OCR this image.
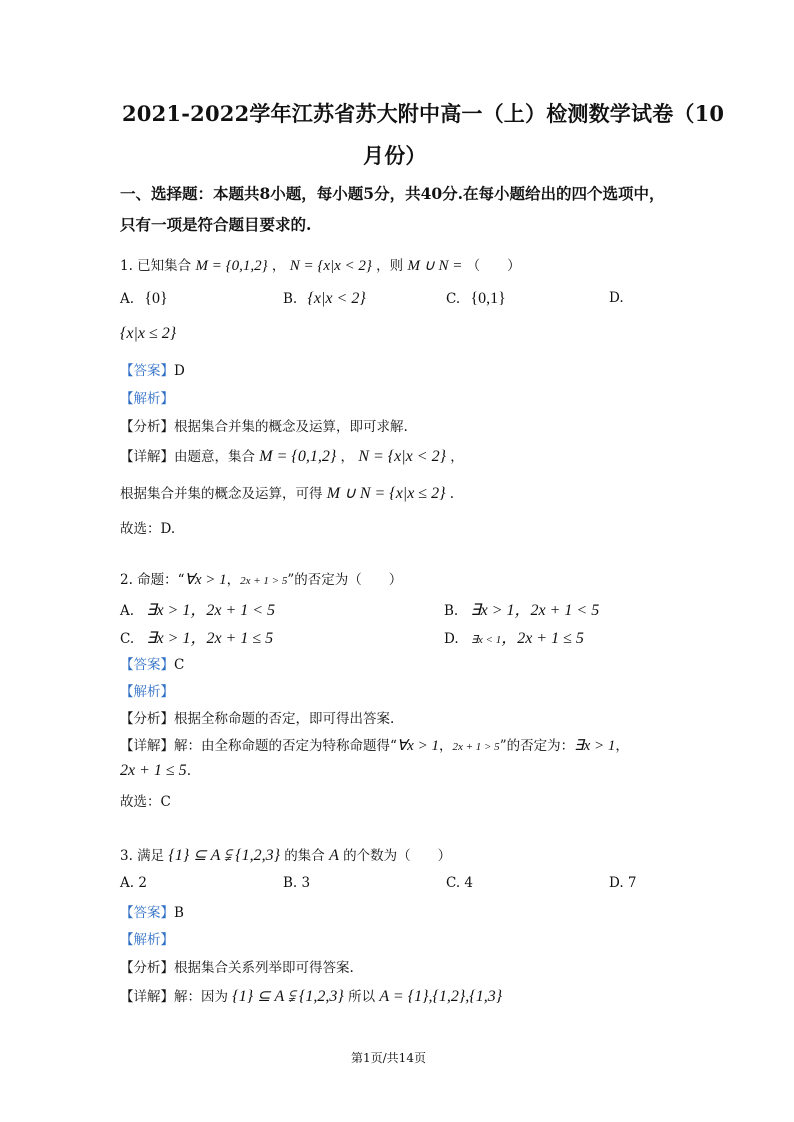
2021-2022学年江苏省苏大附中高一（上）检测数学试卷（10
月份）
一、选择题：本题共8小题，每小题5分，共40分.在每小题给出的四个选项中，
只有一项是符合题目要求的.
1. 已知集合 M = {0,1,2} ， N = {x|x < 2} ，则 M ∪ N = （　　）
A. {0}	B. {x|x < 2}	C. {0,1}	D.
{x|x ≤ 2}
【答案】D
【解析】
【分析】根据集合并集的概念及运算，即可求解.
【详解】由题意，集合 M = {0,1,2} ， N = {x|x < 2} ，
根据集合并集的概念及运算，可得 M ∪ N = {x|x ≤ 2} .
故选：D.
2. 命题：“∀x > 1，2x + 1 > 5”的否定为（　　）
A. ∃x > 1，2x + 1 < 5	B. ∃x > 1，2x + 1 < 5
C. ∃x > 1，2x + 1 ≤ 5	D. ∃x < 1，2x + 1 ≤ 5
【答案】C
【解析】
【分析】根据全称命题的否定，即可得出答案.
【详解】解：由全称命题的否定为特称命题得“∀x > 1，2x + 1 > 5”的否定为：∃x > 1，
2x + 1 ≤ 5.
故选：C
3. 满足 {1} ⊆ A ⫋ {1,2,3} 的集合 A 的个数为（　　）
A. 2	B. 3	C. 4	D. 7
【答案】B
【解析】
【分析】根据集合关系列举即可得答案.
【详解】解：因为 {1} ⊆ A ⫋ {1,2,3} 所以 A = {1},{1,2},{1,3}
第1页/共14页
